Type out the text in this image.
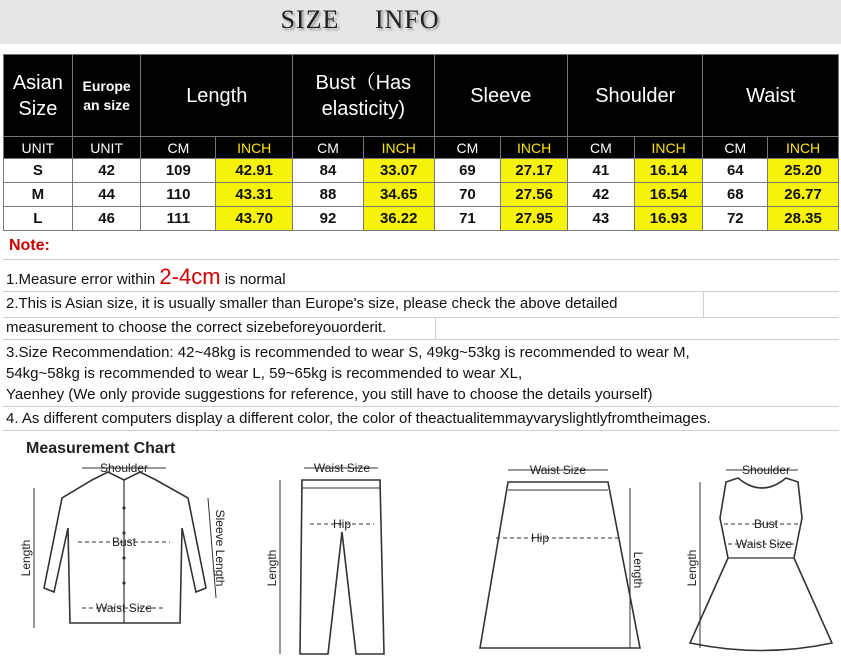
SIZE INFO
Asian Size	Europe an size	Length		Bust（Has elasticity)		Sleeve		Shoulder		Waist	
UNIT	UNIT	CM	INCH	CM	INCH	CM	INCH	CM	INCH	CM	INCH
S	42	109	42.91	84	33.07	69	27.17	41	16.14	64	25.20
M	44	110	43.31	88	34.65	70	27.56	42	16.54	68	26.77
L	46	111	43.70	92	36.22	71	27.95	43	16.93	72	28.35
Note:
1.Measure error within 2-4cm is normal
2.This is Asian size, it is usually smaller than Europe's size, please check the above detailed
measurement to choose the correct sizebeforeyouorderit.
3.Size Recommendation: 42~48kg is recommended to wear S, 49kg~53kg is recommended to wear M,
54kg~58kg is recommended to wear L, 59~65kg is recommended to wear XL,
Yaenhey (We only provide suggestions for reference, you still have to choose the details yourself)
4. As different computers display a different color, the color of theactualitemmayvaryslightlyfromtheimages.
Measurement Chart
Shoulder
Bust
Waist Size
Length	Sleeve Length
Waist Size
Hip
Length
Waist Size
Hip
Length
Shoulder
Bust
Waist Size
Length
